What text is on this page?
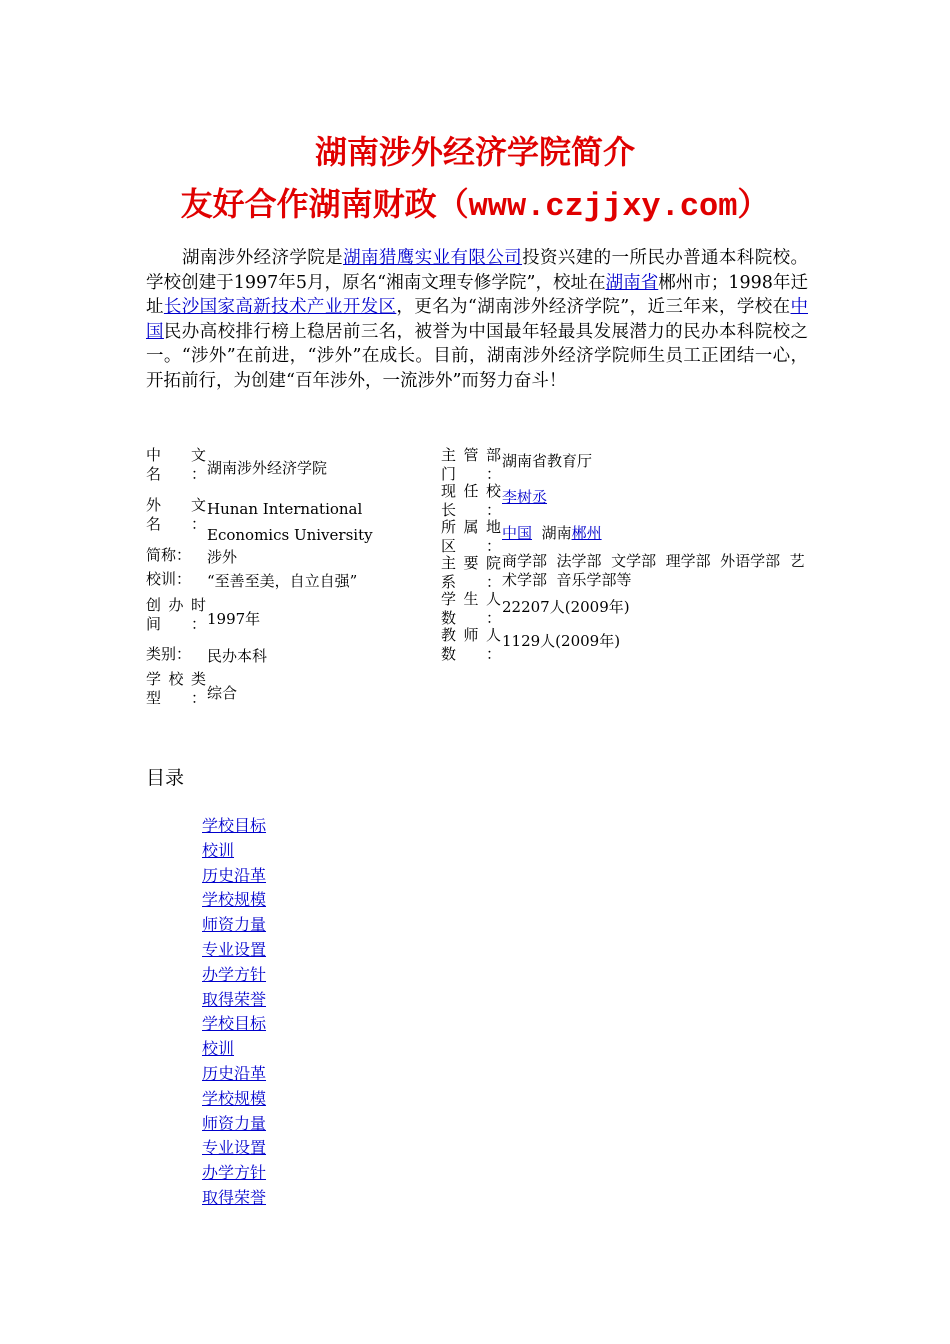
湖南涉外经济学院简介
友好合作湖南财政（www.czjjxy.com）

湖南涉外经济学院是湖南猎鹰实业有限公司投资兴建的一所民办普通本科院校。学校创建于1997年5月，原名“湘南文理专修学院”，校址在湖南省郴州市；1998年迁址长沙国家高新技术产业开发区，更名为“湖南涉外经济学院”，近三年来，学校在中国民办高校排行榜上稳居前三名，被誉为中国最年轻最具发展潜力的民办本科院校之一。“涉外”在前进，“涉外”在成长。目前，湖南涉外经济学院师生员工正团结一心，开拓前行，为创建“百年涉外，一流涉外”而努力奋斗！

中 文 名： 湖南涉外经济学院
外 文 名：
Hunan International Economics University
简称：	涉外
校训：	“至善至美，自立自强”
创 办 时 间： 1997年
类别：	民办本科
学 校 类 型： 综合
主 管 部 门：
湖南省教育厅
现 任 校 长：
李树丞
所 属 地 区：
中国 湖南郴州
主 要 院 系：
商学部  法学部  文学部  理学部  外语学部  艺术学部  音乐学部等
学 生 人 数：
22207人(2009年)
教 师 人 数：
1129人(2009年)
目录
学校目标
校训
历史沿革
学校规模
师资力量
专业设置
办学方针
取得荣誉
学校目标
校训
历史沿革
学校规模
师资力量
专业设置
办学方针
取得荣誉
